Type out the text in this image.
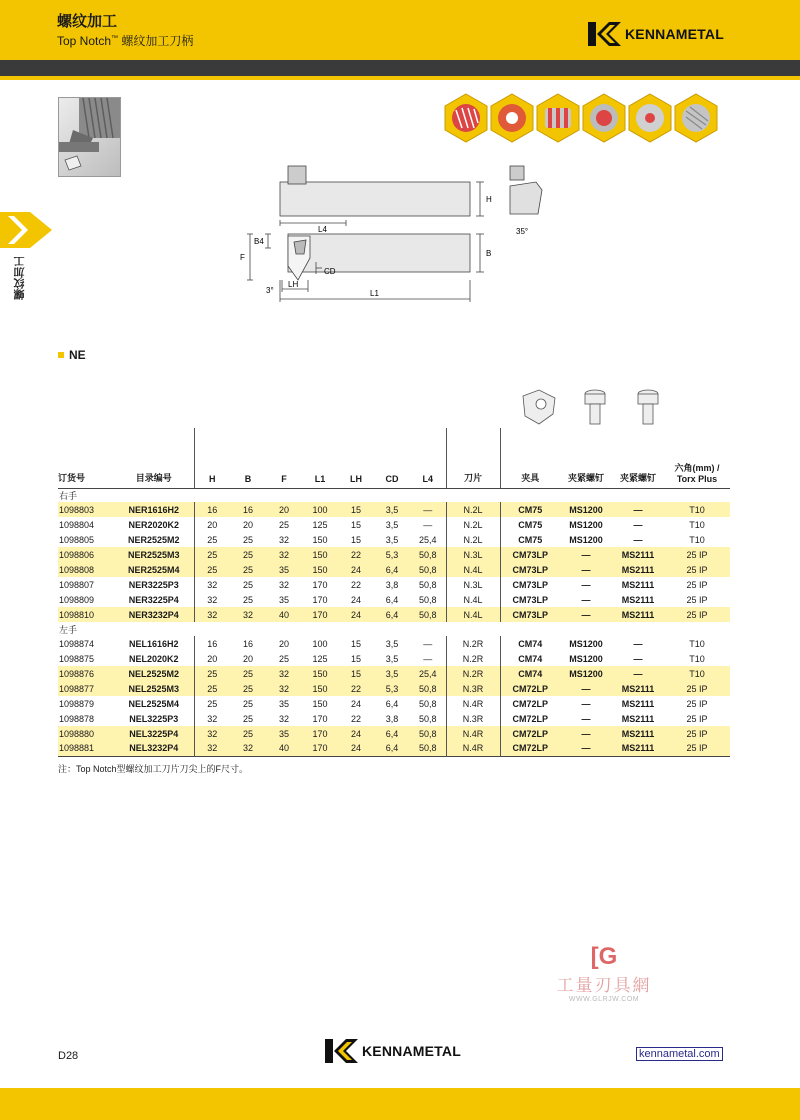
螺纹加工
Top Notch™ 螺纹加工刀柄	KENNAMETAL
螺纹加工
L4
H
35°
B4
F	B
CD
LH
3°	L1
NE
订货号	目录编号	H	B	F	L1	LH	CD	L4	刀片	夹具	夹紧螺钉	夹紧螺钉	六角(mm) /
Torx Plus
右手													
1098803	NER1616H2	16	16	20	100	15	3,5	—	N.2L	CM75	MS1200	—	T10
1098804	NER2020K2	20	20	25	125	15	3,5	—	N.2L	CM75	MS1200	—	T10
1098805	NER2525M2	25	25	32	150	15	3,5	25,4	N.2L	CM75	MS1200	—	T10
1098806	NER2525M3	25	25	32	150	22	5,3	50,8	N.3L	CM73LP	—	MS2111	25 IP
1098808	NER2525M4	25	25	35	150	24	6,4	50,8	N.4L	CM73LP	—	MS2111	25 IP
1098807	NER3225P3	32	25	32	170	22	3,8	50,8	N.3L	CM73LP	—	MS2111	25 IP
1098809	NER3225P4	32	25	35	170	24	6,4	50,8	N.4L	CM73LP	—	MS2111	25 IP
1098810	NER3232P4	32	32	40	170	24	6,4	50,8	N.4L	CM73LP	—	MS2111	25 IP
左手													
1098874	NEL1616H2	16	16	20	100	15	3,5	—	N.2R	CM74	MS1200	—	T10
1098875	NEL2020K2	20	20	25	125	15	3,5	—	N.2R	CM74	MS1200	—	T10
1098876	NEL2525M2	25	25	32	150	15	3,5	25,4	N.2R	CM74	MS1200	—	T10
1098877	NEL2525M3	25	25	32	150	22	5,3	50,8	N.3R	CM72LP	—	MS2111	25 IP
1098879	NEL2525M4	25	25	35	150	24	6,4	50,8	N.4R	CM72LP	—	MS2111	25 IP
1098878	NEL3225P3	32	25	32	170	22	3,8	50,8	N.3R	CM72LP	—	MS2111	25 IP
1098880	NEL3225P4	32	25	35	170	24	6,4	50,8	N.4R	CM72LP	—	MS2111	25 IP
1098881	NEL3232P4	32	32	40	170	24	6,4	50,8	N.4R	CM72LP	—	MS2111	25 IP

注：Top Notch型螺纹加工刀片刀尖上的F尺寸。
[G
工量刃具網
WWW.GLRJW.COM
D28	KENNAMETAL	kennametal.com
